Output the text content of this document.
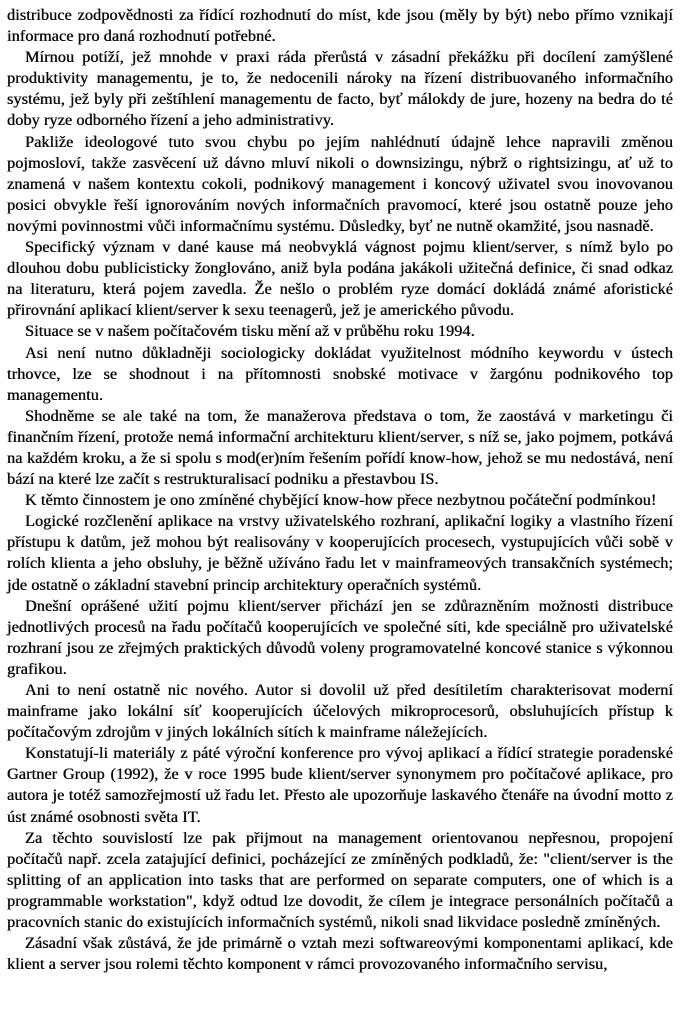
distribuce zodpovědnosti za řídící rozhodnutí do míst, kde jsou (měly by být) nebo přímo vznikají informace pro daná rozhodnutí potřebné.

Mírnou potíží, jež mnohde v praxi ráda přerůstá v zásadní překážku při docílení zamýšlené produktivity managementu, je to, že nedocenili nároky na řízení distribuovaného informačního systému, jež byly při zeštíhlení managementu de facto, byť málokdy de jure, hozeny na bedra do té doby ryze odborného řízení a jeho administrativy.

Pakliže ideologové tuto svou chybu po jejím nahlédnutí údajně lehce napravili změnou pojmosloví, takže zasvěcení už dávno mluví nikoli o downsizingu, nýbrž o rightsizingu, ať už to znamená v našem kontextu cokoli, podnikový management i koncový uživatel svou inovovanou posici obvykle řeší ignorováním nových informačních pravomocí, které jsou ostatně pouze jeho novými povinnostmi vůči informačnímu systému. Důsledky, byť ne nutně okamžité, jsou nasnadě.

Specifický význam v dané kause má neobvyklá vágnost pojmu klient/server, s nímž bylo po dlouhou dobu publicisticky žonglováno, aniž byla podána jakákoli užitečná definice, či snad odkaz na literaturu, která pojem zavedla. Že nešlo o problém ryze domácí dokládá známé aforistické přirovnání aplikací klient/server k sexu teenagerů, jež je amerického původu.

Situace se v našem počítačovém tisku mění až v průběhu roku 1994.

Asi není nutno důkladněji sociologicky dokládat využitelnost módního keywordu v ústech trhovce, lze se shodnout i na přítomnosti snobské motivace v žargónu podnikového top managementu.

Shodněme se ale také na tom, že manažerova představa o tom, že zaostává v marketingu či finančním řízení, protože nemá informační architekturu klient/server, s níž se, jako pojmem, potkává na každém kroku, a že si spolu s mod(er)ním řešením pořídí know-how, jehož se mu nedostává, není bází na které lze začít s restrukturalisací podniku a přestavbou IS.

K těmto činnostem je ono zmíněné chybějící know-how přece nezbytnou počáteční podmínkou!

Logické rozčlenění aplikace na vrstvy uživatelského rozhraní, aplikační logiky a vlastního řízení přístupu k datům, jež mohou být realisovány v kooperujících procesech, vystupujících vůči sobě v rolích klienta a jeho obsluhy, je běžně užíváno řadu let v mainframeových transakčních systémech; jde ostatně o základní stavební princip architektury operačních systémů.

Dnešní oprášené užití pojmu klient/server přichází jen se zdůrazněním možnosti distribuce jednotlivých procesů na řadu počítačů kooperujících ve společné síti, kde speciálně pro uživatelské rozhraní jsou ze zřejmých praktických důvodů voleny programovatelné koncové stanice s výkonnou grafikou.

Ani to není ostatně nic nového. Autor si dovolil už před desítiletím charakterisovat moderní mainframe jako lokální síť kooperujících účelových mikroprocesorů, obsluhujících přístup k počítačovým zdrojům v jiných lokálních sítích k mainframe náležejících.

Konstatují-li materiály z páté výroční konference pro vývoj aplikací a řídící strategie poradenské Gartner Group (1992), že v roce 1995 bude klient/server synonymem pro počítačové aplikace, pro autora je totéž samozřejmostí už řadu let. Přesto ale upozorňuje laskavého čtenáře na úvodní motto z úst známé osobnosti světa IT.

Za těchto souvislostí lze pak přijmout na management orientovanou nepřesnou, propojení počítačů např. zcela zatajující definici, pocházející ze zmíněných podkladů, že: "client/server is the splitting of an application into tasks that are performed on separate computers, one of which is a programmable workstation", když odtud lze dovodit, že cílem je integrace personálních počítačů a pracovních stanic do existujících informačních systémů, nikoli snad likvidace posledně zmíněných.

Zásadní však zůstává, že jde primárně o vztah mezi softwareovými komponentami aplikací, kde klient a server jsou rolemi těchto komponent v rámci provozovaného informačního servisu,
